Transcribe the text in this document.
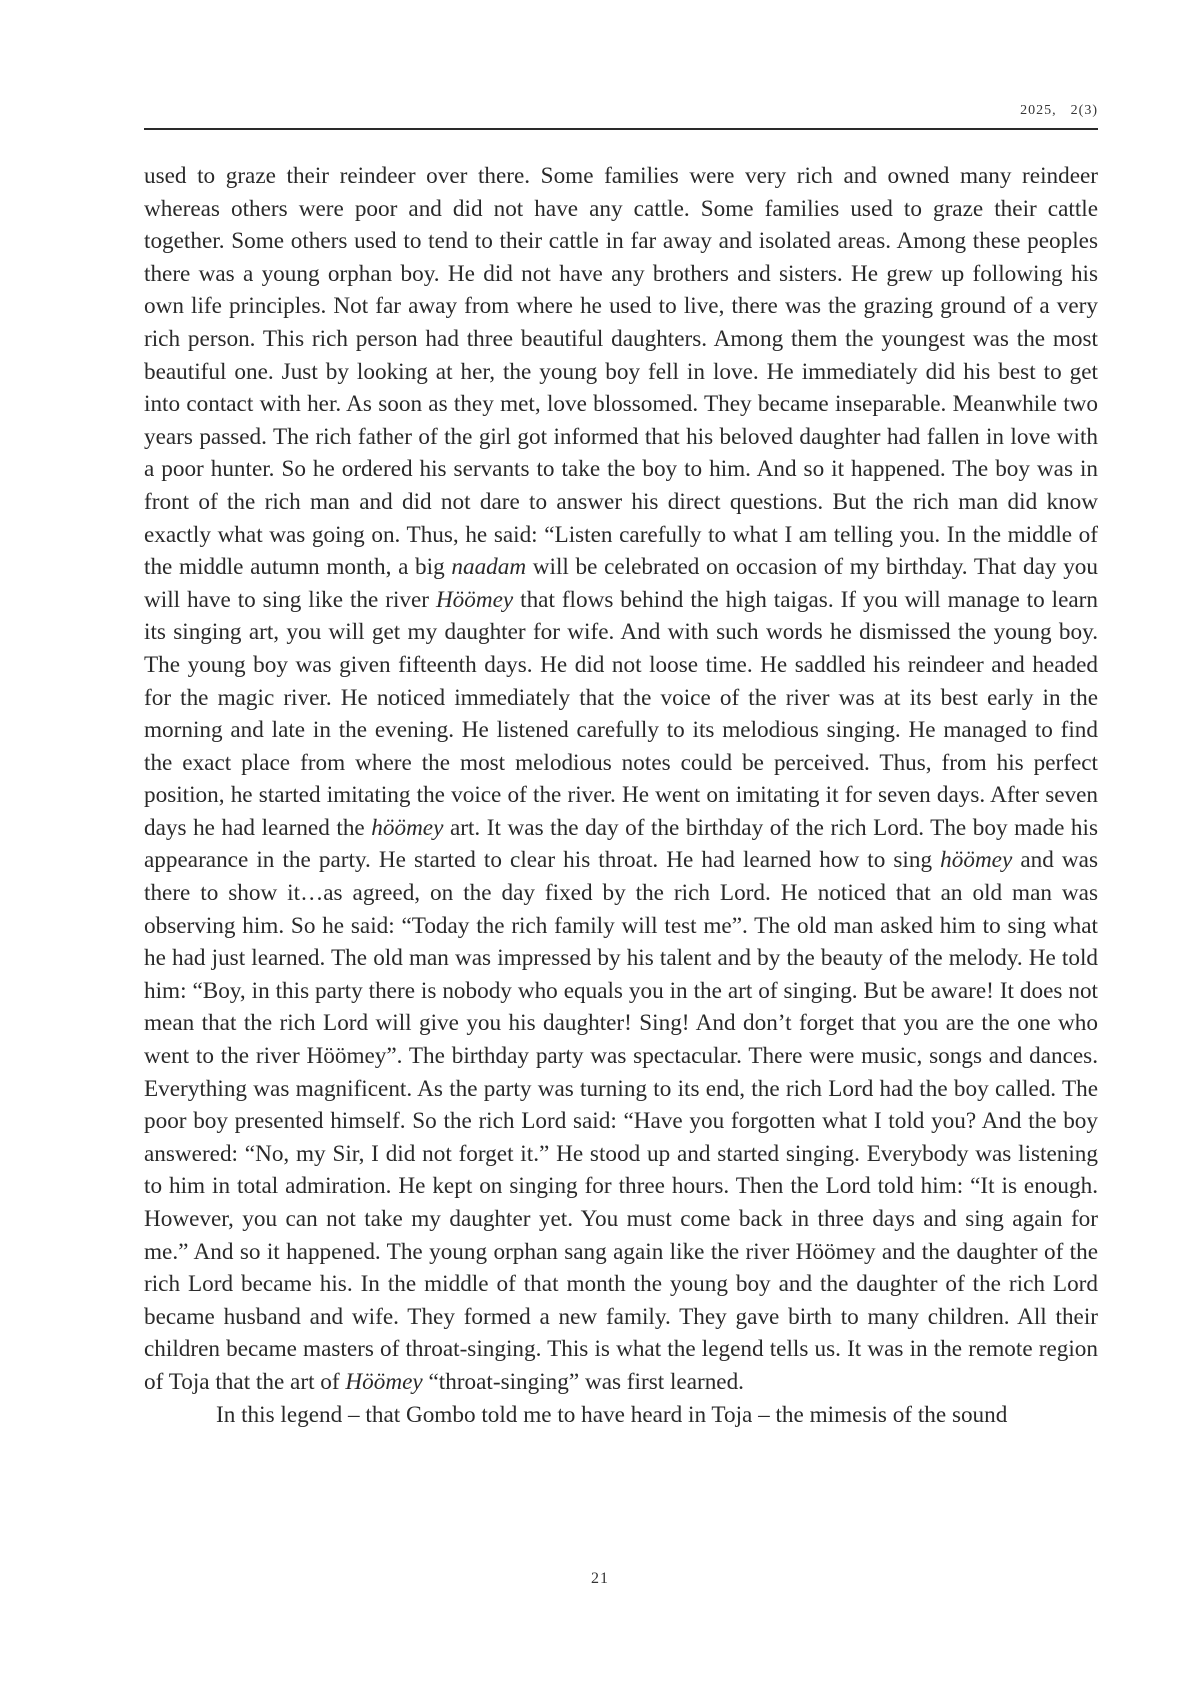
2025, 2(3)

used to graze their reindeer over there. Some families were very rich and owned many reindeer whereas others were poor and did not have any cattle. Some families used to graze their cattle together. Some others used to tend to their cattle in far away and isolated areas. Among these peoples there was a young orphan boy. He did not have any brothers and sisters. He grew up following his own life principles. Not far away from where he used to live, there was the grazing ground of a very rich person. This rich person had three beautiful daughters. Among them the youngest was the most beautiful one. Just by looking at her, the young boy fell in love. He immediately did his best to get into contact with her. As soon as they met, love blossomed. They became inseparable. Meanwhile two years passed. The rich father of the girl got informed that his beloved daughter had fallen in love with a poor hunter. So he ordered his servants to take the boy to him. And so it happened. The boy was in front of the rich man and did not dare to answer his direct questions. But the rich man did know exactly what was going on. Thus, he said: “Listen carefully to what I am telling you. In the middle of the middle autumn month, a big naadam will be celebrated on occasion of my birthday. That day you will have to sing like the river Höömey that flows behind the high taigas. If you will manage to learn its singing art, you will get my daughter for wife. And with such words he dismissed the young boy. The young boy was given fifteenth days. He did not loose time. He saddled his reindeer and headed for the magic river. He noticed immediately that the voice of the river was at its best early in the morning and late in the evening. He listened carefully to its melodious singing. He managed to find the exact place from where the most melodious notes could be perceived. Thus, from his perfect position, he started imitating the voice of the river. He went on imitating it for seven days. After seven days he had learned the höömey art. It was the day of the birthday of the rich Lord. The boy made his appearance in the party. He started to clear his throat. He had learned how to sing höömey and was there to show it…as agreed, on the day fixed by the rich Lord. He noticed that an old man was observing him. So he said: “Today the rich family will test me”. The old man asked him to sing what he had just learned. The old man was impressed by his talent and by the beauty of the melody. He told him: “Boy, in this party there is nobody who equals you in the art of singing. But be aware! It does not mean that the rich Lord will give you his daughter! Sing! And don’t forget that you are the one who went to the river Höömey”. The birthday party was spectacular. There were music, songs and dances. Everything was magnificent. As the party was turning to its end, the rich Lord had the boy called. The poor boy presented himself. So the rich Lord said: “Have you forgotten what I told you? And the boy answered: “No, my Sir, I did not forget it.” He stood up and started singing. Everybody was listening to him in total admiration. He kept on singing for three hours. Then the Lord told him: “It is enough. However, you can not take my daughter yet. You must come back in three days and sing again for me.” And so it happened. The young orphan sang again like the river Höömey and the daughter of the rich Lord became his. In the middle of that month the young boy and the daughter of the rich Lord became husband and wife. They formed a new family. They gave birth to many children. All their children became masters of throat-singing. This is what the legend tells us. It was in the remote region of Toja that the art of Höömey “throat-singing” was first learned.

In this legend – that Gombo told me to have heard in Toja – the mimesis of the sound

21
